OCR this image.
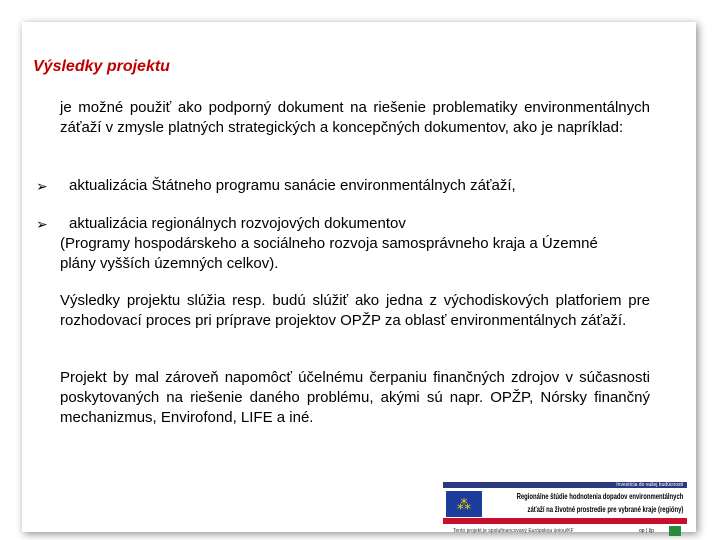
Výsledky projektu
je možné použiť ako podporný dokument na riešenie problematiky environmentálnych záťaží v zmysle platných strategických a koncepčných dokumentov, ako je napríklad:
➢ aktualizácia Štátneho programu sanácie environmentálnych záťaží,
➢ aktualizácia regionálnych rozvojových dokumentov
(Programy hospodárskeho a sociálneho rozvoja samosprávneho kraja a Územné plány vyšších územných celkov).
Výsledky projektu slúžia resp. budú slúžiť ako jedna z východiskových platforiem pre rozhodovací proces pri príprave projektov OPŽP za oblasť environmentálnych záťaží.
Projekt by mal zároveň napomôcť účelnému čerpaniu finančných zdrojov v súčasnosti poskytovaných na riešenie daného problému, akými sú napr. OPŽP, Nórsky finančný mechanizmus, Envirofond, LIFE a iné.
Investícia do vašej budúcnosti
⁂	Regionálne štúdie hodnotenia dopadov environmentálnych
záťaží na životné prostredie pre vybrané kraje (regióny)
Tento projekt je spolufinancovaný Európskou úniou/KF	op | žp
